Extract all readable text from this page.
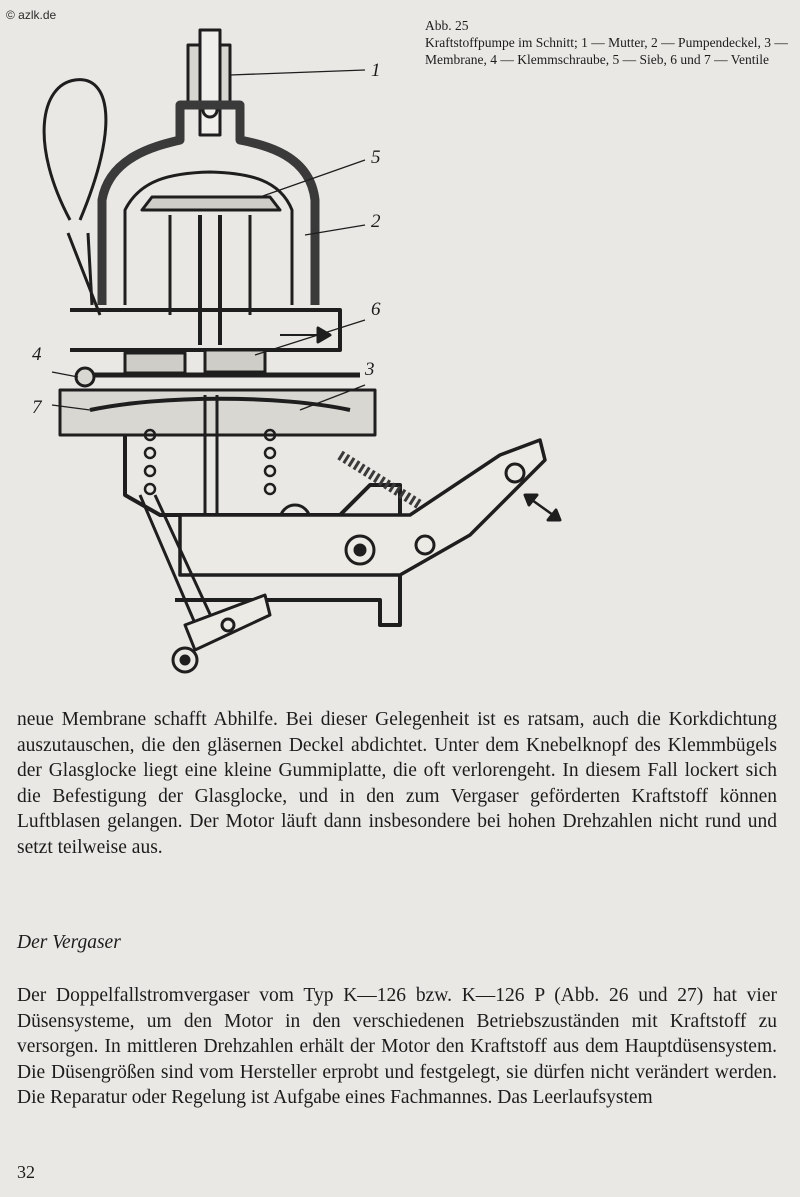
© azlk.de
Abb. 25
Kraftstoffpumpe im Schnitt; 1 — Mutter, 2 — Pumpendeckel, 3 — Membrane, 4 — Klemmschraube, 5 — Sieb, 6 und 7 — Ventile
1
5
2
6
4
3
7

neue Membrane schafft Abhilfe. Bei dieser Gelegenheit ist es ratsam, auch die Korkdichtung auszutauschen, die den gläsernen Deckel abdichtet. Unter dem Knebelknopf des Klemmbügels der Glasglocke liegt eine kleine Gummiplatte, die oft verlorengeht. In diesem Fall lockert sich die Befestigung der Glasglocke, und in den zum Vergaser geförderten Kraftstoff können Luftblasen gelangen. Der Motor läuft dann insbesondere bei hohen Drehzahlen nicht rund und setzt teilweise aus.

Der Vergaser

Der Doppelfallstromvergaser vom Typ K—126 bzw. K—126 P (Abb. 26 und 27) hat vier Düsensysteme, um den Motor in den verschiedenen Betriebszuständen mit Kraftstoff zu versorgen. In mittleren Drehzahlen erhält der Motor den Kraftstoff aus dem Hauptdüsensystem. Die Düsengrößen sind vom Hersteller erprobt und festgelegt, sie dürfen nicht verändert werden. Die Reparatur oder Regelung ist Aufgabe eines Fachmannes. Das Leerlaufsystem

32
